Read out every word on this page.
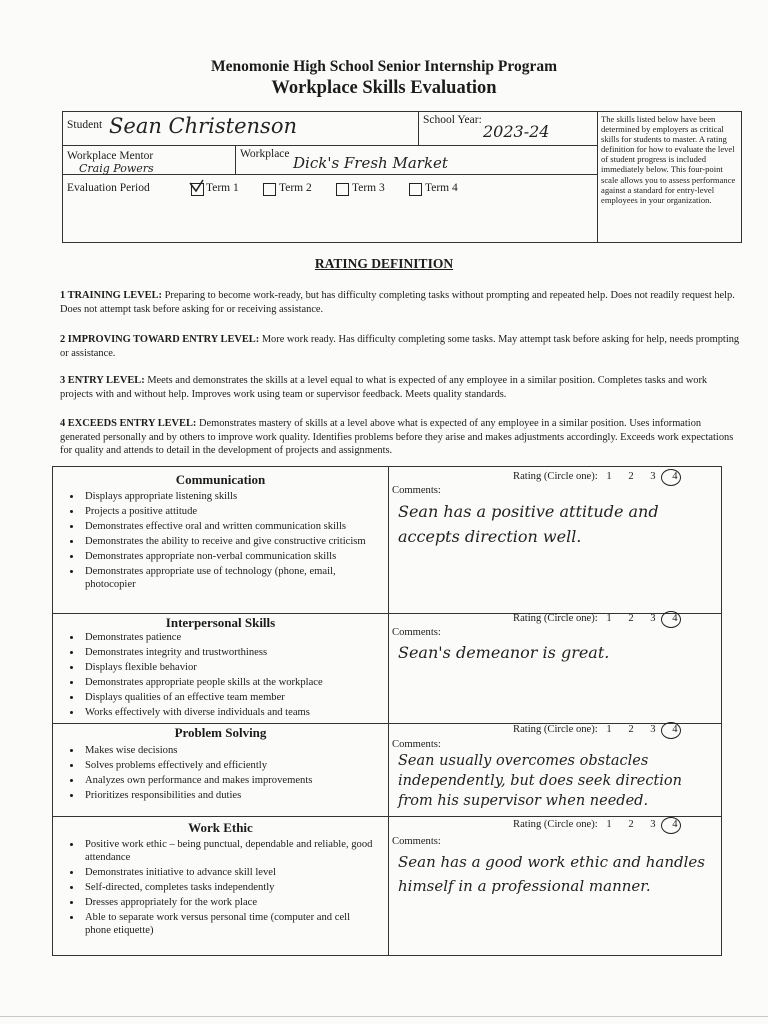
Menomonie High School Senior Internship Program
Workplace Skills Evaluation
Student Sean Christenson	School Year:
2023-24
Workplace Mentor
Craig Powers
Workplace Dick's Fresh Market
Evaluation Period	Term 1	Term 2	Term 3	Term 4
The skills listed below have been determined by employers as critical skills for students to master. A rating definition for how to evaluate the level of student progress is included immediately below. This four-point scale allows you to assess performance against a standard for entry-level employees in your organization.
RATING DEFINITION
1 TRAINING LEVEL: Preparing to become work-ready, but has difficulty completing tasks without prompting and repeated help. Does not readily request help. Does not attempt task before asking for or receiving assistance.
2 IMPROVING TOWARD ENTRY LEVEL: More work ready. Has difficulty completing some tasks. May attempt task before asking for help, needs prompting or assistance.
3 ENTRY LEVEL: Meets and demonstrates the skills at a level equal to what is expected of any employee in a similar position. Completes tasks and work projects with and without help. Improves work using team or supervisor feedback. Meets quality standards.
4 EXCEEDS ENTRY LEVEL: Demonstrates mastery of skills at a level above what is expected of any employee in a similar position. Uses information generated personally and by others to improve work quality. Identifies problems before they arise and makes adjustments accordingly. Exceeds work expectations for quality and attends to detail in the development of projects and assignments.
Communication
• Displays appropriate listening skills
• Projects a positive attitude
• Demonstrates effective oral and written communication skills
• Demonstrates the ability to receive and give constructive criticism
• Demonstrates appropriate non-verbal communication skills
• Demonstrates appropriate use of technology (phone, email, photocopier
Rating (Circle one): 1 2 3 4
Comments:
Sean has a positive attitude and accepts direction well.
Interpersonal Skills
• Demonstrates patience
• Demonstrates integrity and trustworthiness
• Displays flexible behavior
• Demonstrates appropriate people skills at the workplace
• Displays qualities of an effective team member
• Works effectively with diverse individuals and teams
Rating (Circle one): 1 2 3 4
Comments:
Sean's demeanor is great.
Problem Solving
• Makes wise decisions
• Solves problems effectively and efficiently
• Analyzes own performance and makes improvements
• Prioritizes responsibilities and duties
Rating (Circle one): 1 2 3 4
Comments:
Sean usually overcomes obstacles independently, but does seek direction from his supervisor when needed.
Work Ethic
• Positive work ethic – being punctual, dependable and reliable, good attendance
• Demonstrates initiative to advance skill level
• Self-directed, completes tasks independently
• Dresses appropriately for the work place
• Able to separate work versus personal time (computer and cell phone etiquette)
Rating (Circle one): 1 2 3 4
Comments:
Sean has a good work ethic and handles himself in a professional manner.
